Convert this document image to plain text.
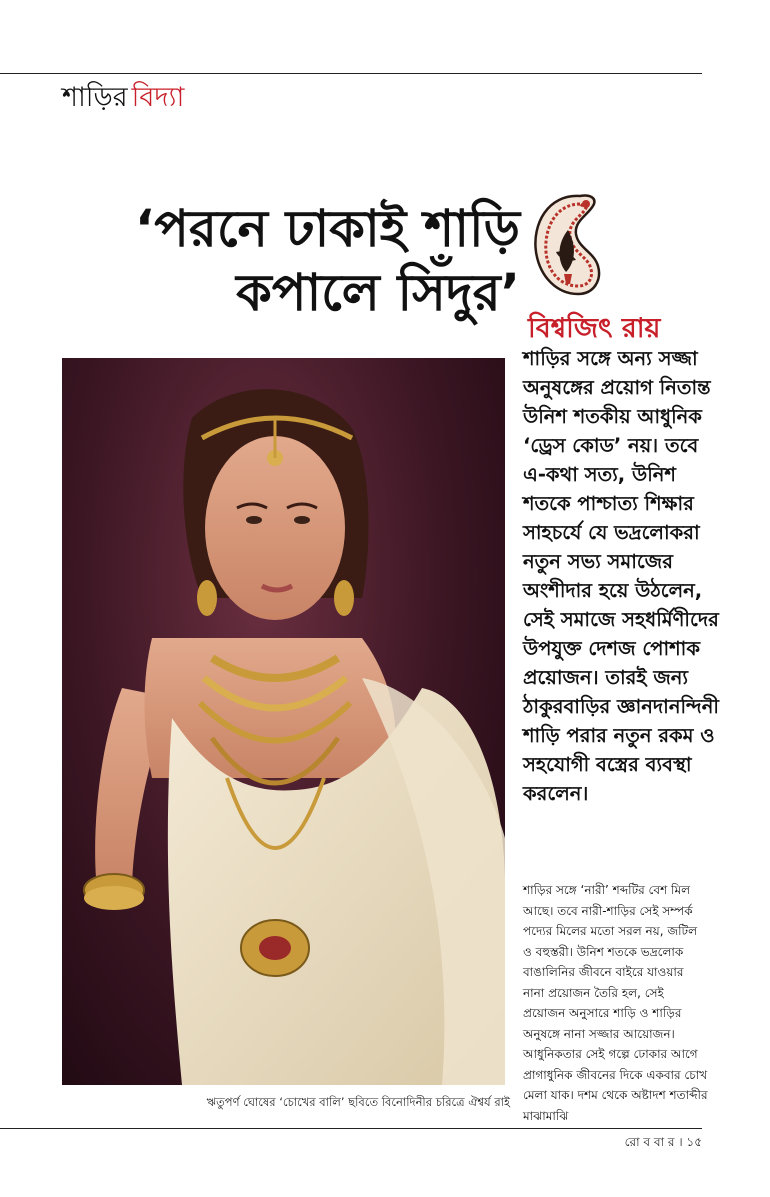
শাড়ির বিদ্যা
‘পরনে ঢাকাই শাড়ি কপালে সিঁদুর’
বিশ্বজিৎ রায়
ঋতুপর্ণ ঘোষের ‘চোখের বালি’ ছবিতে বিনোদিনীর চরিত্রে ঐশ্বর্য রাই

শাড়ির সঙ্গে অন্য সজ্জা অনুষঙ্গের প্রয়োগ নিতান্ত উনিশ শতকীয় আধুনিক ‘ড্রেস কোড’ নয়। তবে এ-কথা সত্য, উনিশ শতকে পাশ্চাত্য শিক্ষার সাহচর্যে যে ভদ্রলোকরা নতুন সভ্য সমাজের অংশীদার হয়ে উঠলেন, সেই সমাজে সহধর্মিণীদের উপযুক্ত দেশজ পোশাক প্রয়োজন। তারই জন্য ঠাকুরবাড়ির জ্ঞানদানন্দিনী শাড়ি পরার নতুন রকম ও সহযোগী বস্ত্রের ব্যবস্থা করলেন।

শাড়ির সঙ্গে ‘নারী’ শব্দটির বেশ মিল আছে। তবে নারী-শাড়ির সেই সম্পর্ক পদ্যের মিলের মতো সরল নয়, জটিল ও বহুস্তরী। উনিশ শতকে ভদ্রলোক বাঙালিনির জীবনে বাইরে যাওয়ার নানা প্রয়োজন তৈরি হল, সেই প্রয়োজন অনুসারে শাড়ি ও শাড়ির অনুষঙ্গে নানা সজ্জার আয়োজন। আধুনিকতার সেই গল্পে ঢোকার আগে প্রাগাধুনিক জীবনের দিকে একবার চোখ মেলা যাক। দশম থেকে অষ্টাদশ শতাব্দীর মাঝামাঝি

রো ব বা র । ১৫
